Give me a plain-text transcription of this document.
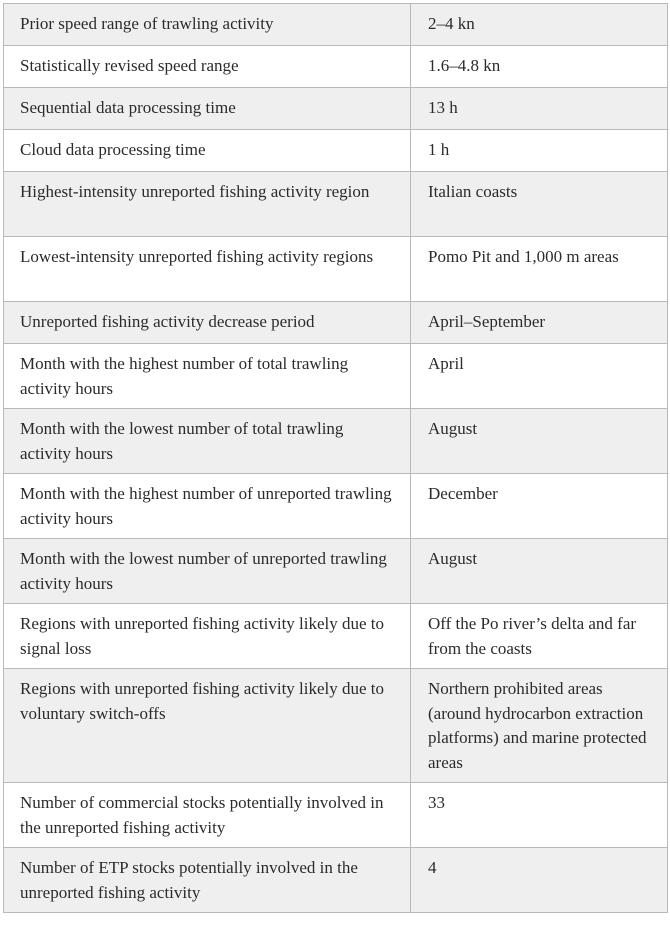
Prior speed range of trawling activity	2–4 kn
Statistically revised speed range	1.6–4.8 kn
Sequential data processing time	13 h
Cloud data processing time	1 h
Highest-intensity unreported fishing activity region	Italian coasts
Lowest-intensity unreported fishing activity regions	Pomo Pit and 1,000 m areas
Unreported fishing activity decrease period	April–September
Month with the highest number of total trawling activity hours	April
Month with the lowest number of total trawling activity hours	August
Month with the highest number of unreported trawling activity hours	December
Month with the lowest number of unreported trawling activity hours	August
Regions with unreported fishing activity likely due to signal loss	Off the Po river’s delta and far from the coasts
Regions with unreported fishing activity likely due to voluntary switch-offs	Northern prohibited areas (around hydrocarbon extraction platforms) and marine protected areas
Number of commercial stocks potentially involved in the unreported fishing activity	33
Number of ETP stocks potentially involved in the unreported fishing activity	4
